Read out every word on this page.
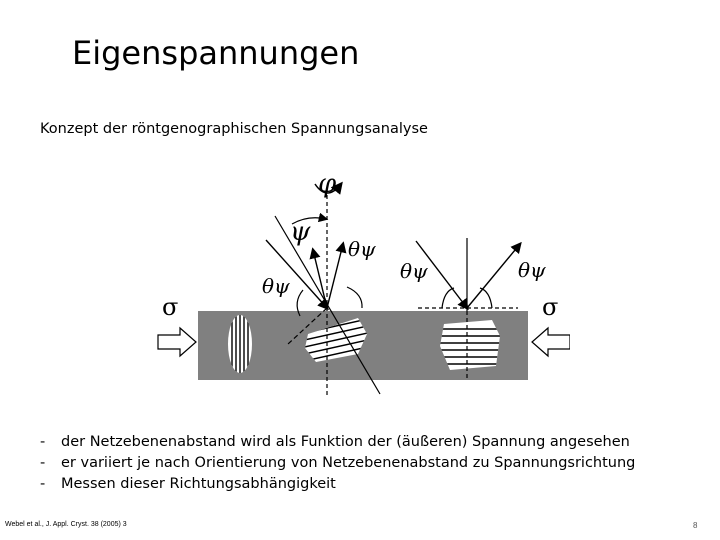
Eigenspannungen
Konzept der röntgenographischen Spannungsanalyse
φ
ψ
θψ
θψ
θψ	θψ
σ	σ
-	der Netzebenenabstand wird als Funktion der (äußeren) Spannung angesehen
-	er variiert je nach Orientierung von Netzebenenabstand zu Spannungsrichtung
-	Messen dieser Richtungsabhängigkeit
Webel et al., J. Appl. Cryst. 38 (2005) 3	8
